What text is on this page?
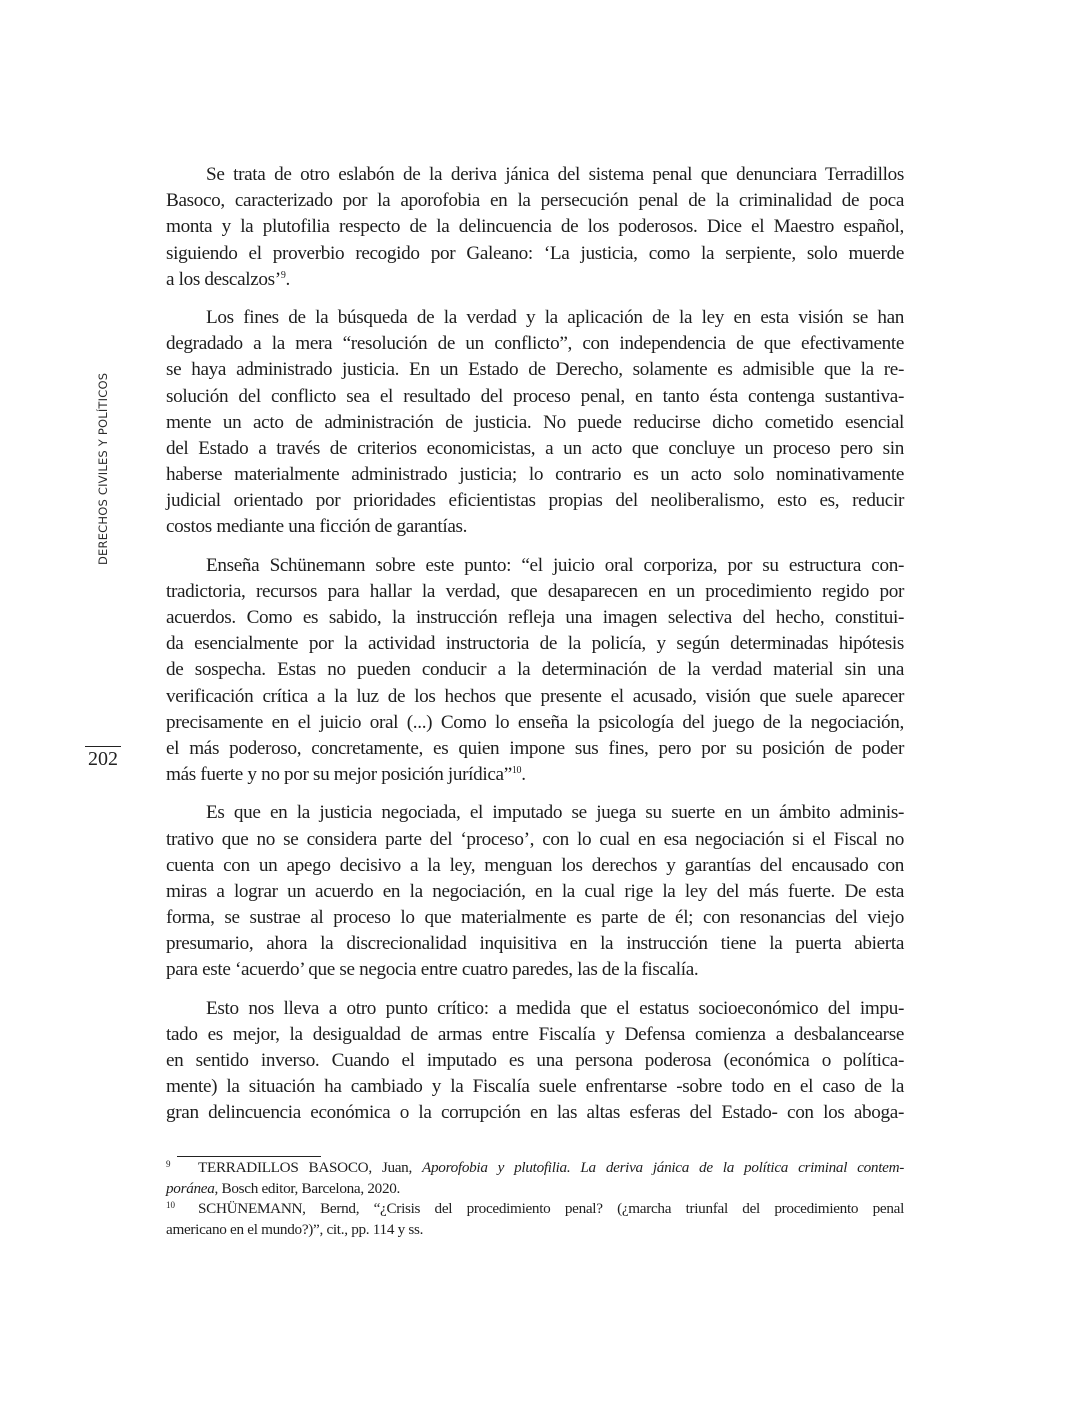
DERECHOS CIVILES Y POLÍTICOS
202

Se trata de otro eslabón de la deriva jánica del sistema penal que denunciara Terradillos
Basoco, caracterizado por la aporofobia en la persecución penal de la criminalidad de poca
monta y la plutofilia respecto de la delincuencia de los poderosos. Dice el Maestro español,
siguiendo el proverbio recogido por Galeano: ‘La justicia, como la serpiente, solo muerde
a los descalzos’$^9$.

Los fines de la búsqueda de la verdad y la aplicación de la ley en esta visión se han
degradado a la mera “resolución de un conflicto”, con independencia de que efectivamente
se haya administrado justicia. En un Estado de Derecho, solamente es admisible que la re-
solución del conflicto sea el resultado del proceso penal, en tanto ésta contenga sustantiva-
mente un acto de administración de justicia. No puede reducirse dicho cometido esencial
del Estado a través de criterios economicistas, a un acto que concluye un proceso pero sin
haberse materialmente administrado justicia; lo contrario es un acto solo nominativamente
judicial orientado por prioridades eficientistas propias del neoliberalismo, esto es, reducir
costos mediante una ficción de garantías.

Enseña Schünemann sobre este punto: “el juicio oral corporiza, por su estructura con-
tradictoria, recursos para hallar la verdad, que desaparecen en un procedimiento regido por
acuerdos. Como es sabido, la instrucción refleja una imagen selectiva del hecho, constitui-
da esencialmente por la actividad instructoria de la policía, y según determinadas hipótesis
de sospecha. Estas no pueden conducir a la determinación de la verdad material sin una
verificación crítica a la luz de los hechos que presente el acusado, visión que suele aparecer
precisamente en el juicio oral (...) Como lo enseña la psicología del juego de la negociación,
el más poderoso, concretamente, es quien impone sus fines, pero por su posición de poder
más fuerte y no por su mejor posición jurídica”$^{10}$.

Es que en la justicia negociada, el imputado se juega su suerte en un ámbito adminis-
trativo que no se considera parte del ‘proceso’, con lo cual en esa negociación si el Fiscal no
cuenta con un apego decisivo a la ley, menguan los derechos y garantías del encausado con
miras a lograr un acuerdo en la negociación, en la cual rige la ley del más fuerte. De esta
forma, se sustrae al proceso lo que materialmente es parte de él; con resonancias del viejo
presumario, ahora la discrecionalidad inquisitiva en la instrucción tiene la puerta abierta
para este ‘acuerdo’ que se negocia entre cuatro paredes, las de la fiscalía.

Esto nos lleva a otro punto crítico: a medida que el estatus socioeconómico del impu-
tado es mejor, la desigualdad de armas entre Fiscalía y Defensa comienza a desbalancearse
en sentido inverso. Cuando el imputado es una persona poderosa (económica o política-
mente) la situación ha cambiado y la Fiscalía suele enfrentarse -sobre todo en el caso de la
gran delincuencia económica o la corrupción en las altas esferas del Estado- con los aboga-

9 TERRADILLOS BASOCO, Juan, Aporofobia y plutofilia. La deriva jánica de la política criminal contem-
poránea, Bosch editor, Barcelona, 2020.
10 SCHÜNEMANN, Bernd, “¿Crisis del procedimiento penal? (¿marcha triunfal del procedimiento penal
americano en el mundo?)”, cit., pp. 114 y ss.
